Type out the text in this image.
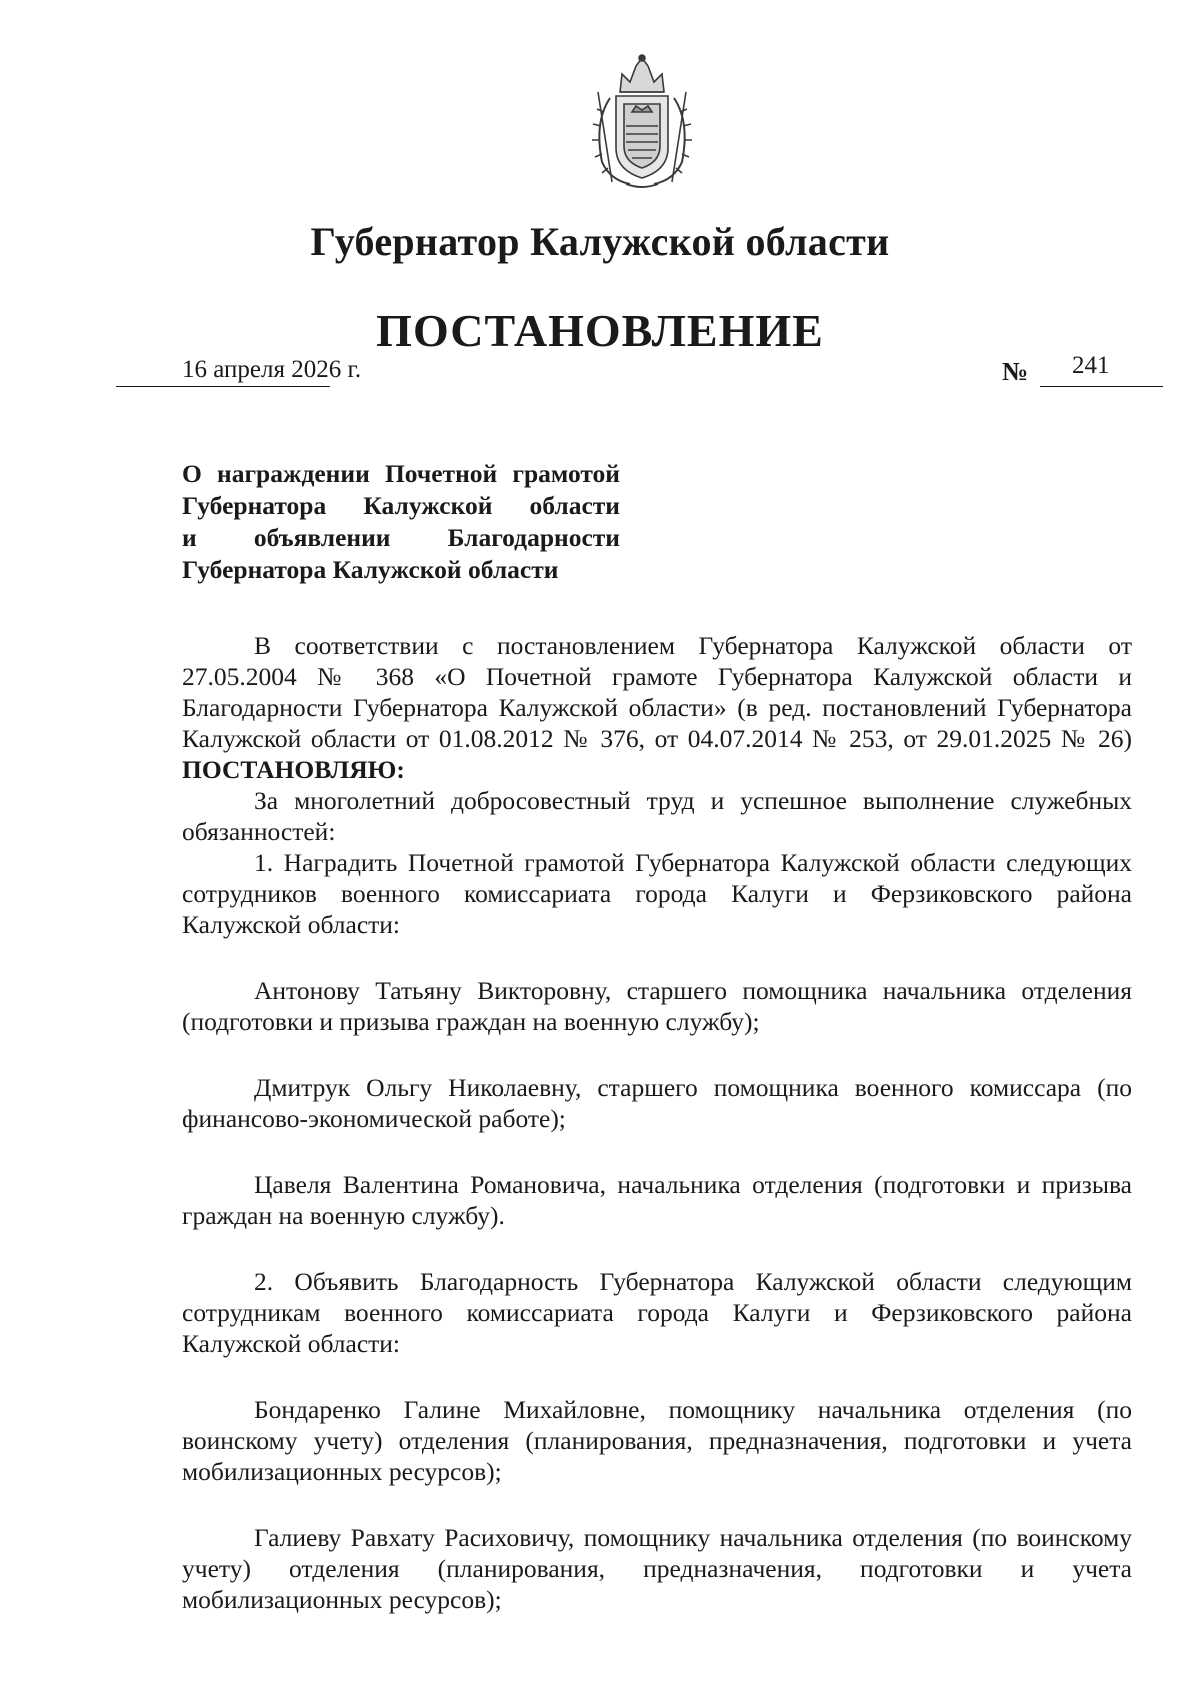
Губернатор Калужской области
ПОСТАНОВЛЕНИЕ
16 апреля 2026 г.	№ 241
О награждении Почетной грамотой
Губернатора Калужской области
и объявлении Благодарности
Губернатора Калужской области

В соответствии с постановлением Губернатора Калужской области от 27.05.2004 № 368 «О Почетной грамоте Губернатора Калужской области и Благодарности Губернатора Калужской области» (в ред. постановлений Губернатора Калужской области от 01.08.2012 № 376, от 04.07.2014 № 253, от 29.01.2025 № 26) ПОСТАНОВЛЯЮ:

За многолетний добросовестный труд и успешное выполнение служебных обязанностей:

1. Наградить Почетной грамотой Губернатора Калужской области следующих сотрудников военного комиссариата города Калуги и Ферзиковского района Калужской области:

Антонову Татьяну Викторовну, старшего помощника начальника отделения (подготовки и призыва граждан на военную службу);

Дмитрук Ольгу Николаевну, старшего помощника военного комиссара (по финансово-экономической работе);

Цавеля Валентина Романовича, начальника отделения (подготовки и призыва граждан на военную службу).

2. Объявить Благодарность Губернатора Калужской области следующим сотрудникам военного комиссариата города Калуги и Ферзиковского района Калужской области:

Бондаренко Галине Михайловне, помощнику начальника отделения (по воинскому учету) отделения (планирования, предназначения, подготовки и учета мобилизационных ресурсов);

Галиеву Равхату Расиховичу, помощнику начальника отделения (по воинскому учету) отделения (планирования, предназначения, подготовки и учета мобилизационных ресурсов);
